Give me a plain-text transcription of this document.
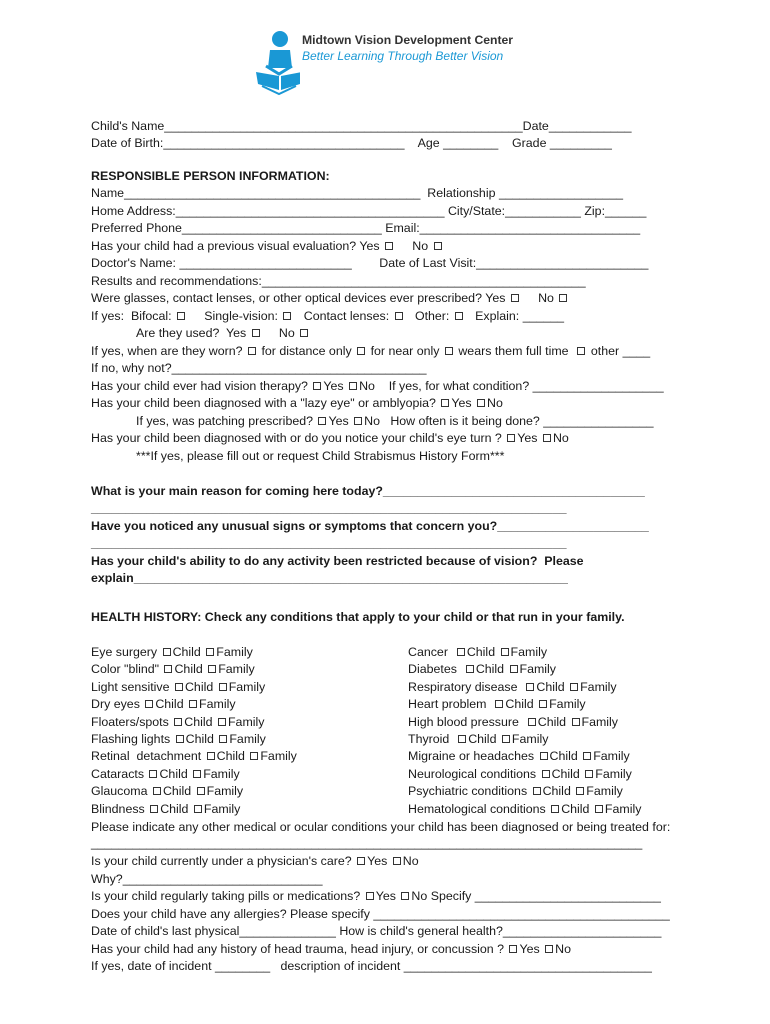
Midtown Vision Development Center
Better Learning Through Better Vision
Child's Name____________________________________________________Date____________
Date of Birth:___________________________________ Age ________ Grade _________
RESPONSIBLE PERSON INFORMATION:
Name___________________________________________ Relationship __________________
Home Address:_______________________________________ City/State:___________ Zip:______
Preferred Phone_____________________________ Email:________________________________
Has your child had a previous visual evaluation? Yes	No
Doctor's Name: _________________________ Date of Last Visit:_________________________
Results and recommendations:_______________________________________________
Were glasses, contact lenses, or other optical devices ever prescribed? Yes	No
If yes: Bifocal:	Single-vision: Contact lenses: Other: Explain: ______
Are they used? Yes	No
If yes, when are they worn? for distance only for near only wears them full time other ____
If no, why not?_____________________________________
Has your child ever had vision therapy? Yes No If yes, for what condition? ___________________
Has your child been diagnosed with a "lazy eye" or amblyopia? Yes No
If yes, was patching prescribed? Yes No How often is it being done? ________________
Has your child been diagnosed with or do you notice your child's eye turn ? Yes No
***If yes, please fill out or request Child Strabismus History Form***
What is your main reason for coming here today?______________________________________
_____________________________________________________________________
Have you noticed any unusual signs or symptoms that concern you?______________________
_____________________________________________________________________
Has your child's ability to do any activity been restricted because of vision?  Please
explain_______________________________________________________________
HEALTH HISTORY: Check any conditions that apply to your child or that run in your family.
Eye surgery Child Family
Color "blind" Child Family
Light sensitive Child Family
Dry eyes Child Family
Floaters/spots Child Family
Flashing lights Child Family
Retinal  detachment Child Family
Cataracts Child Family
Glaucoma Child Family
Blindness Child Family
Cancer  Child Family
Diabetes  Child Family
Respiratory disease  Child Family
Heart problem  Child Family
High blood pressure  Child Family
Thyroid  Child Family
Migraine or headaches Child Family
Neurological conditions Child Family
Psychiatric conditions Child Family
Hematological conditions Child Family
Please indicate any other medical or ocular conditions your child has been diagnosed or being treated for:
________________________________________________________________________________
Is your child currently under a physician's care? Yes No
Why?_____________________________
Is your child regularly taking pills or medications? Yes No Specify ___________________________
Does your child have any allergies? Please specify ___________________________________________
Date of child's last physical______________ How is child's general health?_______________________
Has your child had any history of head trauma, head injury, or concussion ? Yes No
If yes, date of incident ________ description of incident ____________________________________
